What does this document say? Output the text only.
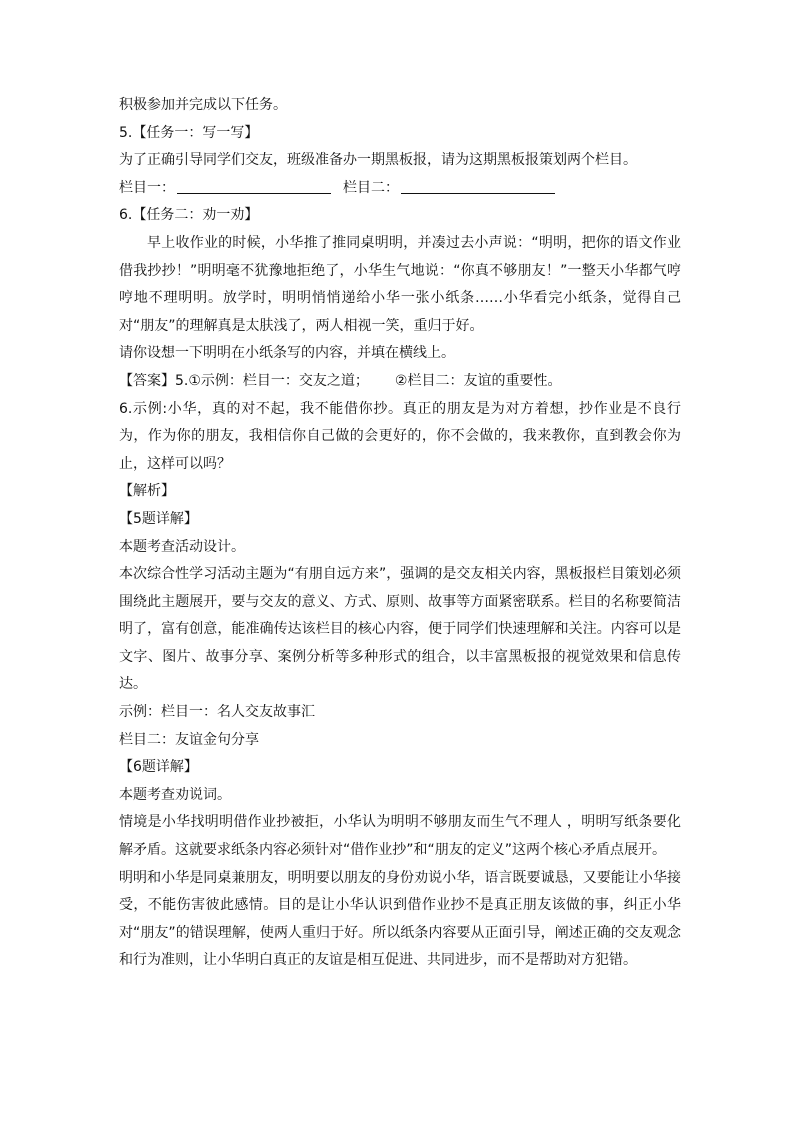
积极参加并完成以下任务。

5.【任务一：写一写】

为了正确引导同学们交友，班级准备办一期黑板报，请为这期黑板报策划两个栏目。

栏目一：	栏目二：

6.【任务二：劝一劝】

早上收作业的时候，小华推了推同桌明明，并凑过去小声说：“明明，把你的语文作业借我抄抄！”明明毫不犹豫地拒绝了，小华生气地说：“你真不够朋友！”一整天小华都气哼哼地不理明明。放学时，明明悄悄递给小华一张小纸条……小华看完小纸条，觉得自己对“朋友”的理解真是太肤浅了，两人相视一笑，重归于好。

请你设想一下明明在小纸条写的内容，并填在横线上。

【答案】5.①示例：栏目一：交友之道； ②栏目二：友谊的重要性。

6.示例:小华，真的对不起，我不能借你抄。真正的朋友是为对方着想，抄作业是不良行为，作为你的朋友，我相信你自己做的会更好的，你不会做的，我来教你，直到教会你为止，这样可以吗？

【解析】

【5题详解】

本题考查活动设计。

本次综合性学习活动主题为“有朋自远方来”，强调的是交友相关内容，黑板报栏目策划必须围绕此主题展开，要与交友的意义、方式、原则、故事等方面紧密联系。栏目的名称要简洁明了，富有创意，能准确传达该栏目的核心内容，便于同学们快速理解和关注。内容可以是文字、图片、故事分享、案例分析等多种形式的组合，以丰富黑板报的视觉效果和信息传达。

示例：栏目一：名人交友故事汇

栏目二：友谊金句分享

【6题详解】

本题考查劝说词。

情境是小华找明明借作业抄被拒，小华认为明明不够朋友而生气不理人 ，明明写纸条要化解矛盾。这就要求纸条内容必须针对“借作业抄”和“朋友的定义”这两个核心矛盾点展开。

明明和小华是同桌兼朋友，明明要以朋友的身份劝说小华，语言既要诚恳，又要能让小华接受，不能伤害彼此感情。目的是让小华认识到借作业抄不是真正朋友该做的事，纠正小华对“朋友”的错误理解，使两人重归于好。所以纸条内容要从正面引导，阐述正确的交友观念和行为准则，让小华明白真正的友谊是相互促进、共同进步，而不是帮助对方犯错。
